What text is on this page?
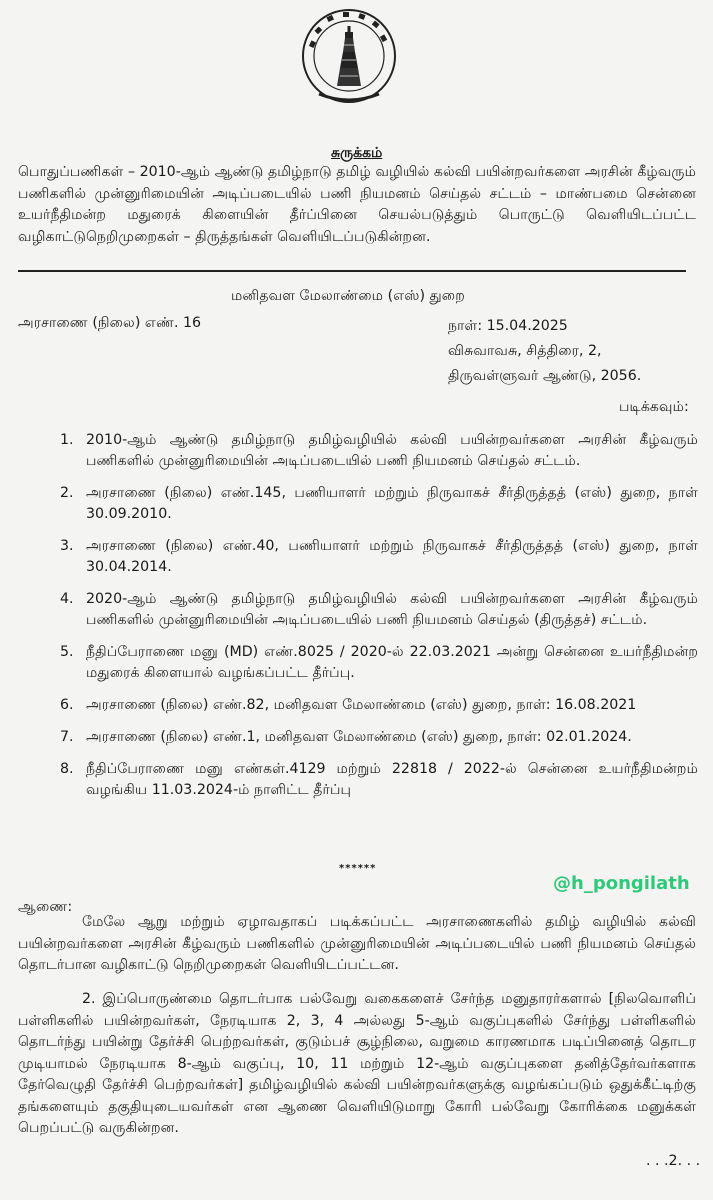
சுருக்கம்
பொதுப்பணிகள் – 2010-ஆம் ஆண்டு தமிழ்நாடு தமிழ் வழியில் கல்வி பயின்றவர்களை அரசின் கீழ்வரும் பணிகளில் முன்னுரிமையின் அடிப்படையில் பணி நியமனம் செய்தல் சட்டம் – மாண்பமை சென்னை உயர்நீதிமன்ற மதுரைக் கிளையின் தீர்ப்பினை செயல்படுத்தும் பொருட்டு வெளியிடப்பட்ட வழிகாட்டுநெறிமுறைகள் – திருத்தங்கள் வெளியிடப்படுகின்றன.
மனிதவள மேலாண்மை (எஸ்) துறை
அரசாணை (நிலை) எண். 16	நாள்: 15.04.2025
விசுவாவசு, சித்திரை, 2,
திருவள்ளுவர் ஆண்டு, 2056.
படிக்கவும்:
1. 2010-ஆம் ஆண்டு தமிழ்நாடு தமிழ்வழியில் கல்வி பயின்றவர்களை அரசின் கீழ்வரும் பணிகளில் முன்னுரிமையின் அடிப்படையில் பணி நியமனம் செய்தல் சட்டம்.
2. அரசாணை (நிலை) எண்.145, பணியாளர் மற்றும் நிருவாகச் சீர்திருத்தத் (எஸ்) துறை, நாள் 30.09.2010.
3. அரசாணை (நிலை) எண்.40, பணியாளர் மற்றும் நிருவாகச் சீர்திருத்தத் (எஸ்) துறை, நாள் 30.04.2014.
4. 2020-ஆம் ஆண்டு தமிழ்நாடு தமிழ்வழியில் கல்வி பயின்றவர்களை அரசின் கீழ்வரும் பணிகளில் முன்னுரிமையின் அடிப்படையில் பணி நியமனம் செய்தல் (திருத்தச்) சட்டம்.
5. நீதிப்பேராணை மனு (MD) எண்.8025 / 2020-ல் 22.03.2021 அன்று சென்னை உயர்நீதிமன்ற மதுரைக் கிளையால் வழங்கப்பட்ட தீர்ப்பு.
6. அரசாணை (நிலை) எண்.82, மனிதவள மேலாண்மை (எஸ்) துறை, நாள்: 16.08.2021
7. அரசாணை (நிலை) எண்.1, மனிதவள மேலாண்மை (எஸ்) துறை, நாள்: 02.01.2024.
8. நீதிப்பேராணை மனு எண்கள்.4129 மற்றும் 22818 / 2022-ல் சென்னை உயர்நீதிமன்றம் வழங்கிய 11.03.2024-ம் நாளிட்ட தீர்ப்பு
******
@h_pongilath
ஆணை:
மேலே ஆறு மற்றும் ஏழாவதாகப் படிக்கப்பட்ட அரசாணைகளில் தமிழ் வழியில் கல்வி பயின்றவர்களை அரசின் கீழ்வரும் பணிகளில் முன்னுரிமையின் அடிப்படையில் பணி நியமனம் செய்தல் தொடர்பான வழிகாட்டு நெறிமுறைகள் வெளியிடப்பட்டன.
2. இப்பொருண்மை தொடர்பாக பல்வேறு வகைகளைச் சேர்ந்த மனுதாரர்களால் [நிலவொளிப் பள்ளிகளில் பயின்றவர்கள், நேரடியாக 2, 3, 4 அல்லது 5-ஆம் வகுப்புகளில் சேர்ந்து பள்ளிகளில் தொடர்ந்து பயின்று தேர்ச்சி பெற்றவர்கள், குடும்பச் சூழ்நிலை, வறுமை காரணமாக படிப்பினைத் தொடர முடியாமல் நேரடியாக 8-ஆம் வகுப்பு, 10, 11 மற்றும் 12-ஆம் வகுப்புகளை தனித்தேர்வர்களாக தேர்வெழுதி தேர்ச்சி பெற்றவர்கள்] தமிழ்வழியில் கல்வி பயின்றவர்களுக்கு வழங்கப்படும் ஒதுக்கீட்டிற்கு தங்களையும் தகுதியுடையவர்கள் என ஆணை வெளியிடுமாறு கோரி பல்வேறு கோரிக்கை மனுக்கள் பெறப்பட்டு வருகின்றன.
. . .2. . .
